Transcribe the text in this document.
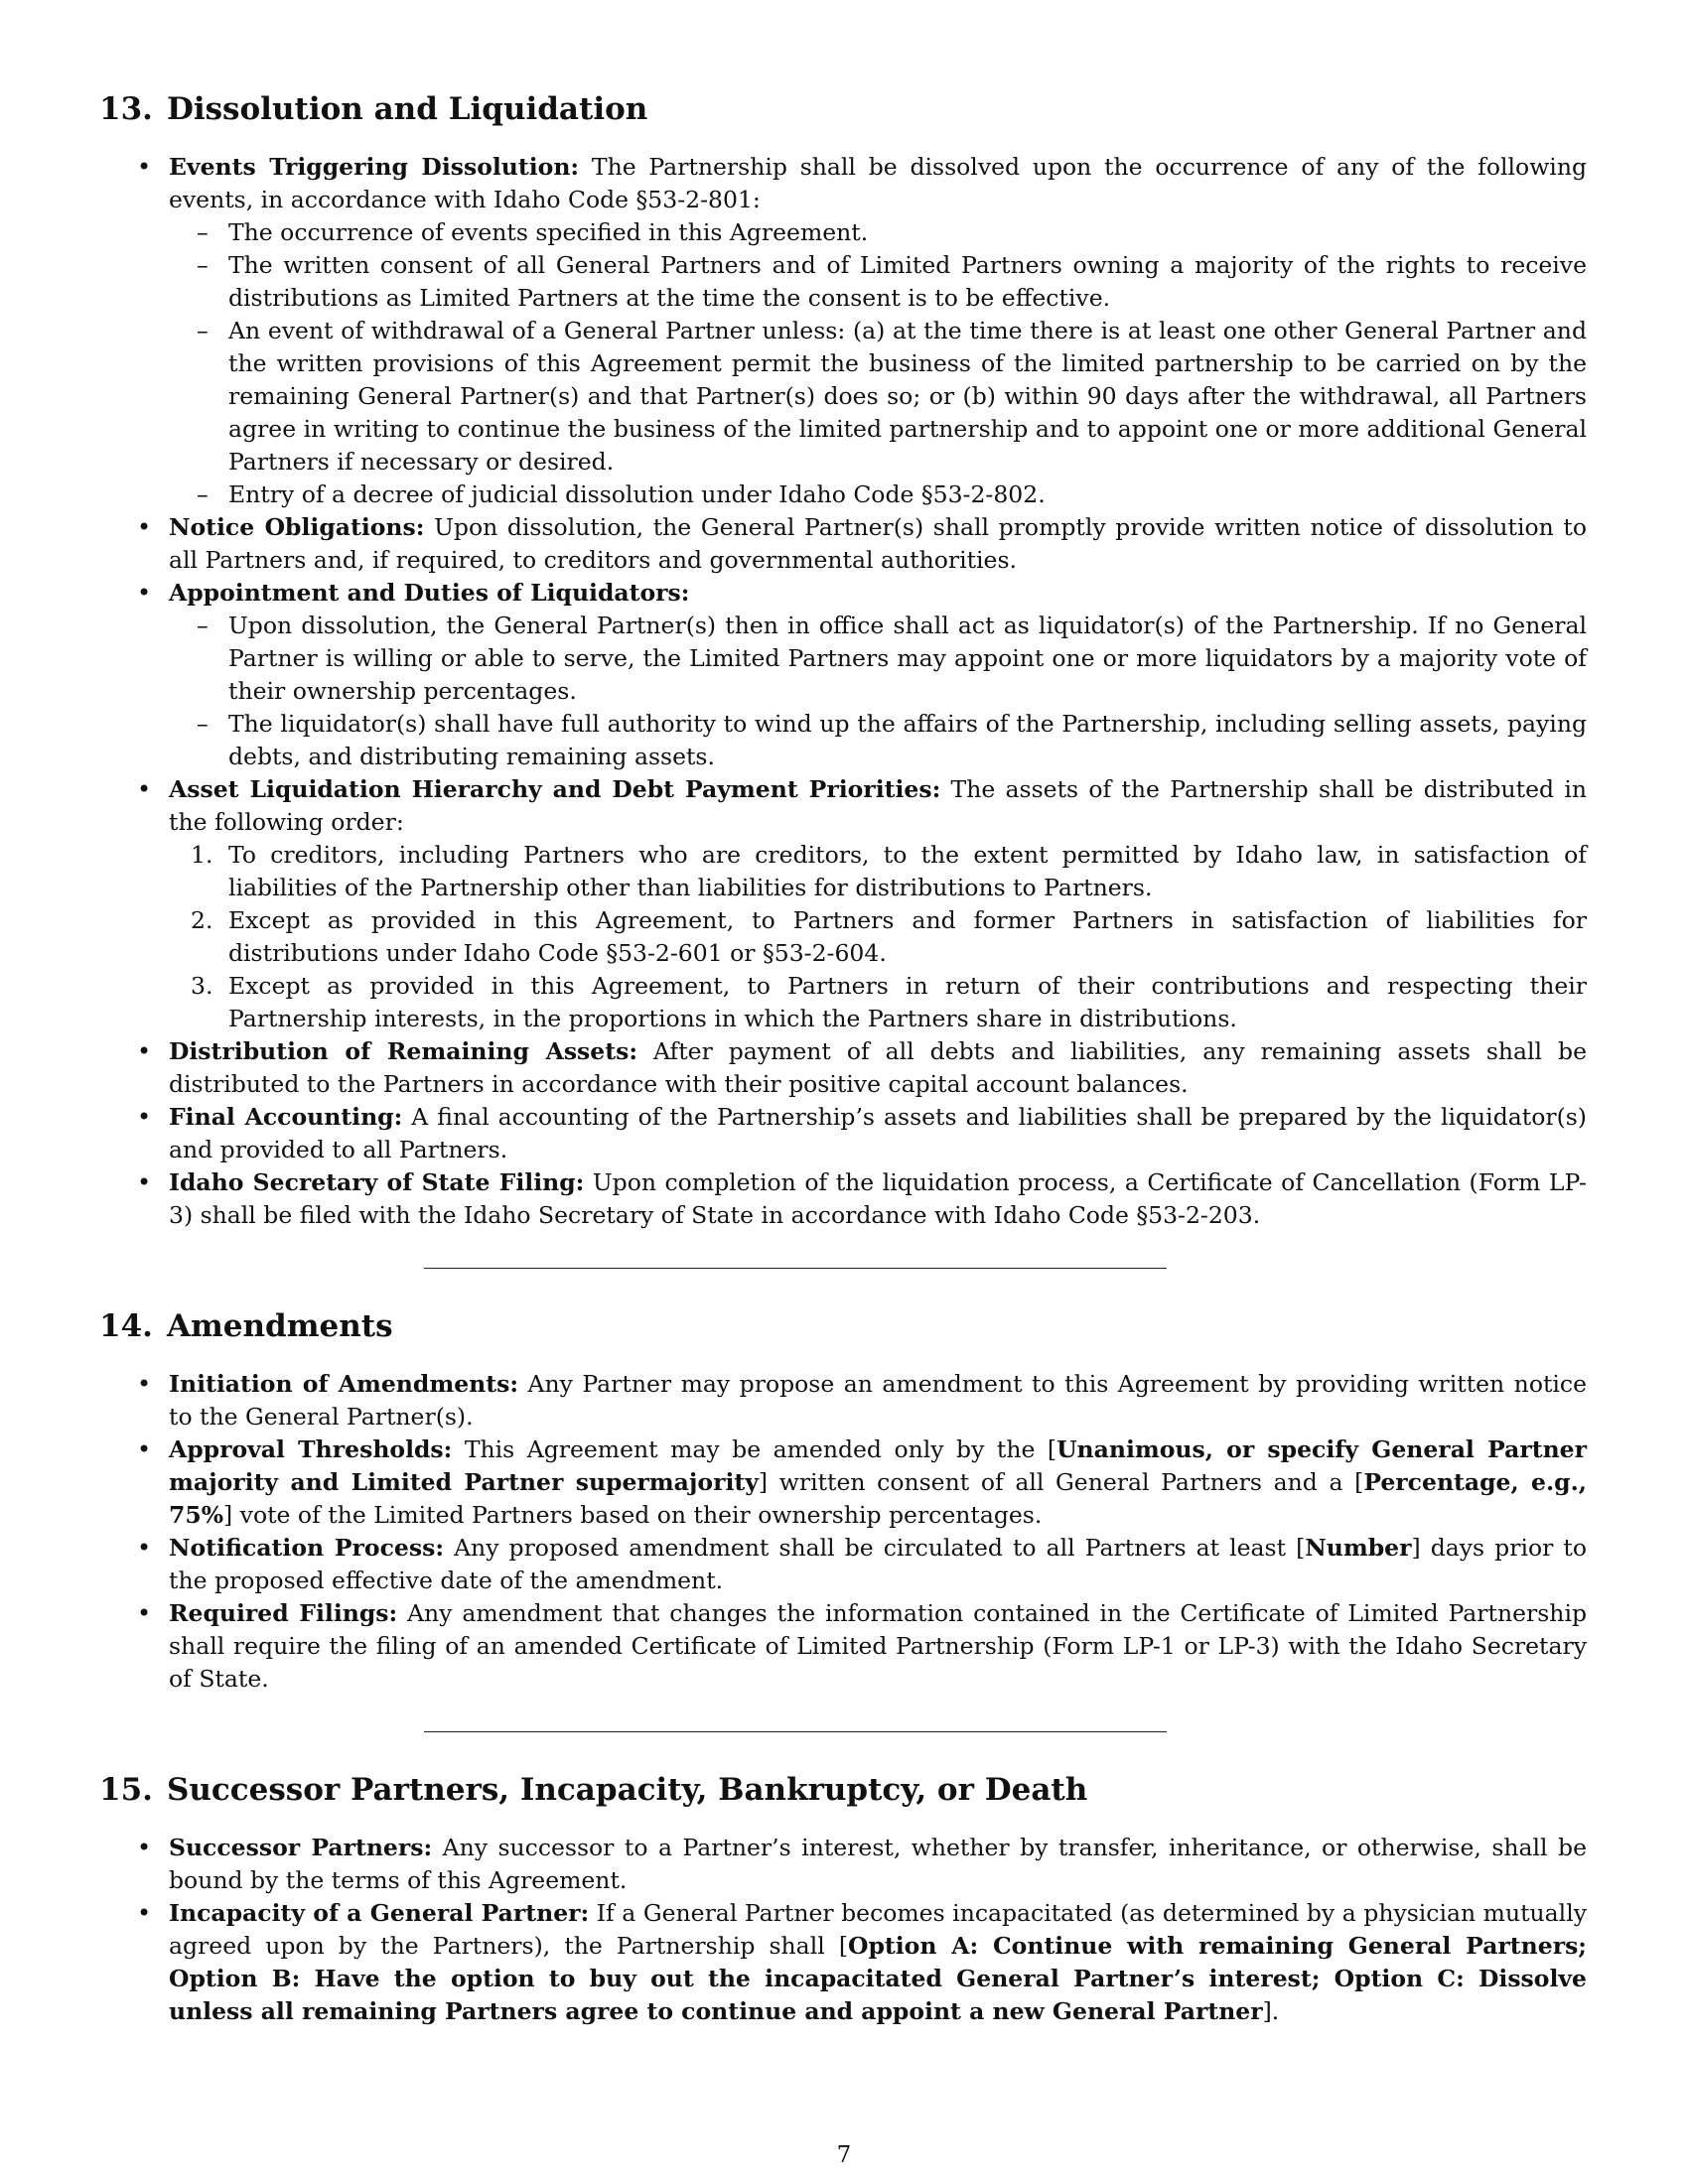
13. Dissolution and Liquidation
• Events Triggering Dissolution: The Partnership shall be dissolved upon the occurrence of any of the following events, in accordance with Idaho Code §53-2-801:
– The occurrence of events specified in this Agreement.
– The written consent of all General Partners and of Limited Partners owning a majority of the rights to receive distributions as Limited Partners at the time the consent is to be effective.
– An event of withdrawal of a General Partner unless: (a) at the time there is at least one other General Partner and the written provisions of this Agreement permit the business of the limited partnership to be carried on by the remaining General Partner(s) and that Partner(s) does so; or (b) within 90 days after the withdrawal, all Partners agree in writing to continue the business of the limited partnership and to appoint one or more additional General Partners if necessary or desired.
– Entry of a decree of judicial dissolution under Idaho Code §53-2-802.
• Notice Obligations: Upon dissolution, the General Partner(s) shall promptly provide written notice of dissolution to all Partners and, if required, to creditors and governmental authorities.
• Appointment and Duties of Liquidators:
– Upon dissolution, the General Partner(s) then in office shall act as liquidator(s) of the Partnership. If no General Partner is willing or able to serve, the Limited Partners may appoint one or more liquidators by a majority vote of their ownership percentages.
– The liquidator(s) shall have full authority to wind up the affairs of the Partnership, including selling assets, paying debts, and distributing remaining assets.
• Asset Liquidation Hierarchy and Debt Payment Priorities: The assets of the Partnership shall be distributed in the following order:
1. To creditors, including Partners who are creditors, to the extent permitted by Idaho law, in satisfaction of liabilities of the Partnership other than liabilities for distributions to Partners.
2. Except as provided in this Agreement, to Partners and former Partners in satisfaction of liabilities for distributions under Idaho Code §53-2-601 or §53-2-604.
3. Except as provided in this Agreement, to Partners in return of their contributions and respecting their Partnership interests, in the proportions in which the Partners share in distributions.
• Distribution of Remaining Assets: After payment of all debts and liabilities, any remaining assets shall be distributed to the Partners in accordance with their positive capital account balances.
• Final Accounting: A final accounting of the Partnership’s assets and liabilities shall be prepared by the liquidator(s) and provided to all Partners.
• Idaho Secretary of State Filing: Upon completion of the liquidation process, a Certificate of Cancellation (Form LP-3) shall be filed with the Idaho Secretary of State in accordance with Idaho Code §53-2-203.
14. Amendments
• Initiation of Amendments: Any Partner may propose an amendment to this Agreement by providing written notice to the General Partner(s).
• Approval Thresholds: This Agreement may be amended only by the [Unanimous, or specify General Partner majority and Limited Partner supermajority] written consent of all General Partners and a [Percentage, e.g., 75%] vote of the Limited Partners based on their ownership percentages.
• Notification Process: Any proposed amendment shall be circulated to all Partners at least [Number] days prior to the proposed effective date of the amendment.
• Required Filings: Any amendment that changes the information contained in the Certificate of Limited Partnership shall require the filing of an amended Certificate of Limited Partnership (Form LP-1 or LP-3) with the Idaho Secretary of State.
15. Successor Partners, Incapacity, Bankruptcy, or Death
• Successor Partners: Any successor to a Partner’s interest, whether by transfer, inheritance, or otherwise, shall be bound by the terms of this Agreement.
• Incapacity of a General Partner: If a General Partner becomes incapacitated (as determined by a physician mutually agreed upon by the Partners), the Partnership shall [Option A: Continue with remaining General Partners; Option B: Have the option to buy out the incapacitated General Partner’s interest; Option C: Dissolve unless all remaining Partners agree to continue and appoint a new General Partner].
7
